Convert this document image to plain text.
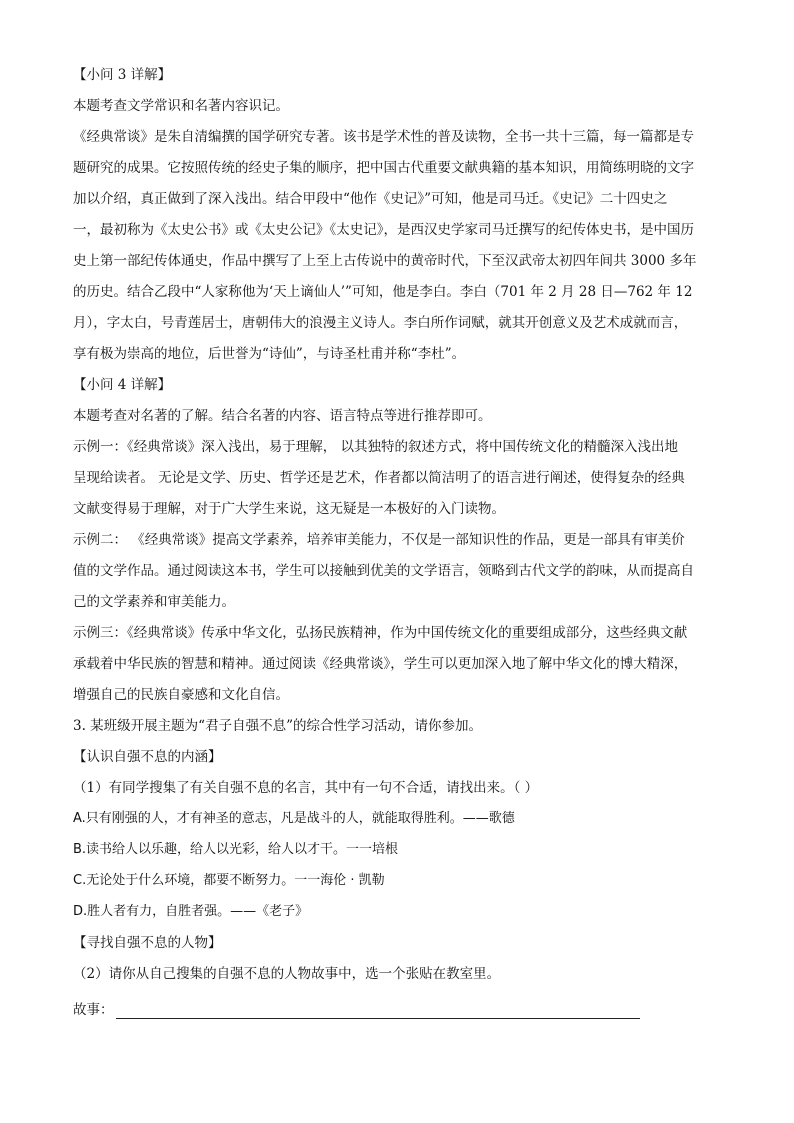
【小问 3 详解】
本题考查文学常识和名著内容识记。
《经典常谈》是朱自清编撰的国学研究专著。该书是学术性的普及读物，全书一共十三篇，每一篇都是专
题研究的成果。它按照传统的经史子集的顺序，把中国古代重要文献典籍的基本知识，用简练明晓的文字
加以介绍，真正做到了深入浅出。结合甲段中“他作《史记》”可知，他是司马迁。《史记》二十四史之
一，最初称为《太史公书》或《太史公记》《太史记》，是西汉史学家司马迁撰写的纪传体史书，是中国历
史上第一部纪传体通史，作品中撰写了上至上古传说中的黄帝时代，下至汉武帝太初四年间共 3000 多年
的历史。结合乙段中“人家称他为‘天上谪仙人’”可知，他是李白。李白（701 年 2 月 28 日—762 年 12
月），字太白，号青莲居士，唐朝伟大的浪漫主义诗人。李白所作词赋，就其开创意义及艺术成就而言，
享有极为崇高的地位，后世誉为“诗仙”，与诗圣杜甫并称“李杜”。
【小问 4 详解】
本题考查对名著的了解。结合名著的内容、语言特点等进行推荐即可。
示例一：《经典常谈》深入浅出，易于理解， 以其独特的叙述方式，将中国传统文化的精髓深入浅出地
呈现给读者。 无论是文学、历史、哲学还是艺术，作者都以简洁明了的语言进行阐述，使得复杂的经典
文献变得易于理解，对于广大学生来说，这无疑是一本极好的入门读物。
示例二： 《经典常谈》提高文学素养，培养审美能力，不仅是一部知识性的作品，更是一部具有审美价
值的文学作品。通过阅读这本书，学生可以接触到优美的文学语言，领略到古代文学的韵味，从而提高自
己的文学素养和审美能力。
示例三：《经典常谈》传承中华文化，弘扬民族精神，作为中国传统文化的重要组成部分，这些经典文献
承载着中华民族的智慧和精神。通过阅读《经典常谈》，学生可以更加深入地了解中华文化的博大精深，
增强自己的民族自豪感和文化自信。
3. 某班级开展主题为“君子自强不息”的综合性学习活动，请你参加。
【认识自强不息的内涵】
（1）有同学搜集了有关自强不息的名言，其中有一句不合适，请找出来。（ ）
A.只有刚强的人，才有神圣的意志，凡是战斗的人，就能取得胜利。——歌德
B.读书给人以乐趣，给人以光彩，给人以才干。一一培根
C.无论处于什么环境，都要不断努力。一一海伦 · 凯勒
D.胜人者有力，自胜者强。——《老子》
【寻找自强不息的人物】
（2）请你从自己搜集的自强不息的人物故事中，选一个张贴在教室里。
故事：
